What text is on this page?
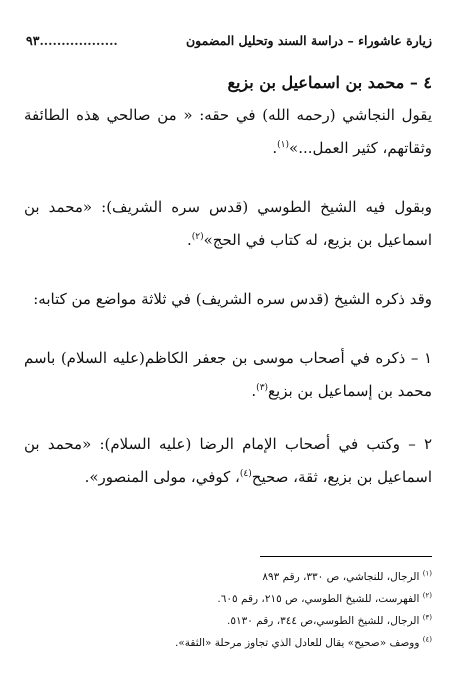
زيارة عاشوراء – دراسة السند وتحليل المضمون
..................٩٣

٤ – محمد بن اسماعيل بن بزيع

يقول النجاشي (رحمه الله) في حقه: « من صالحي هذه الطائفة وثقاتهم، كثير العمل...»$^{(١)}$.

وبقول فيه الشيخ الطوسي (قدس سره الشريف): «محمد بن اسماعيل بن بزيع، له كتاب في الحج»$^{(٢)}$.

وقد ذكره الشيخ (قدس سره الشريف) في ثلاثة مواضع من كتابه:

١ – ذكره في أصحاب موسى بن جعفر الكاظم(عليه السلام) باسم محمد بن إسماعيل بن بزيع$^{(٣)}$.

٢ – وكتب في أصحاب الإمام الرضا (عليه السلام): «محمد بن اسماعيل بن بزيع، ثقة، صحيح$^{(٤)}$، كوفي، مولى المنصور».

$^{(١)}$ الرجال، للنجاشي، ص ٣٣٠، رقم ٨٩٣

$^{(٢)}$ الفهرست، للشيخ الطوسي، ص ٢١٥، رقم ٦٠٥.

$^{(٣)}$ الرجال، للشيخ الطوسي،ص ٣٤٤، رقم ٥١٣٠.

$^{(٤)}$ ووصف «صحيح» يقال للعادل الذي تجاوز مرحلة «الثقة».
